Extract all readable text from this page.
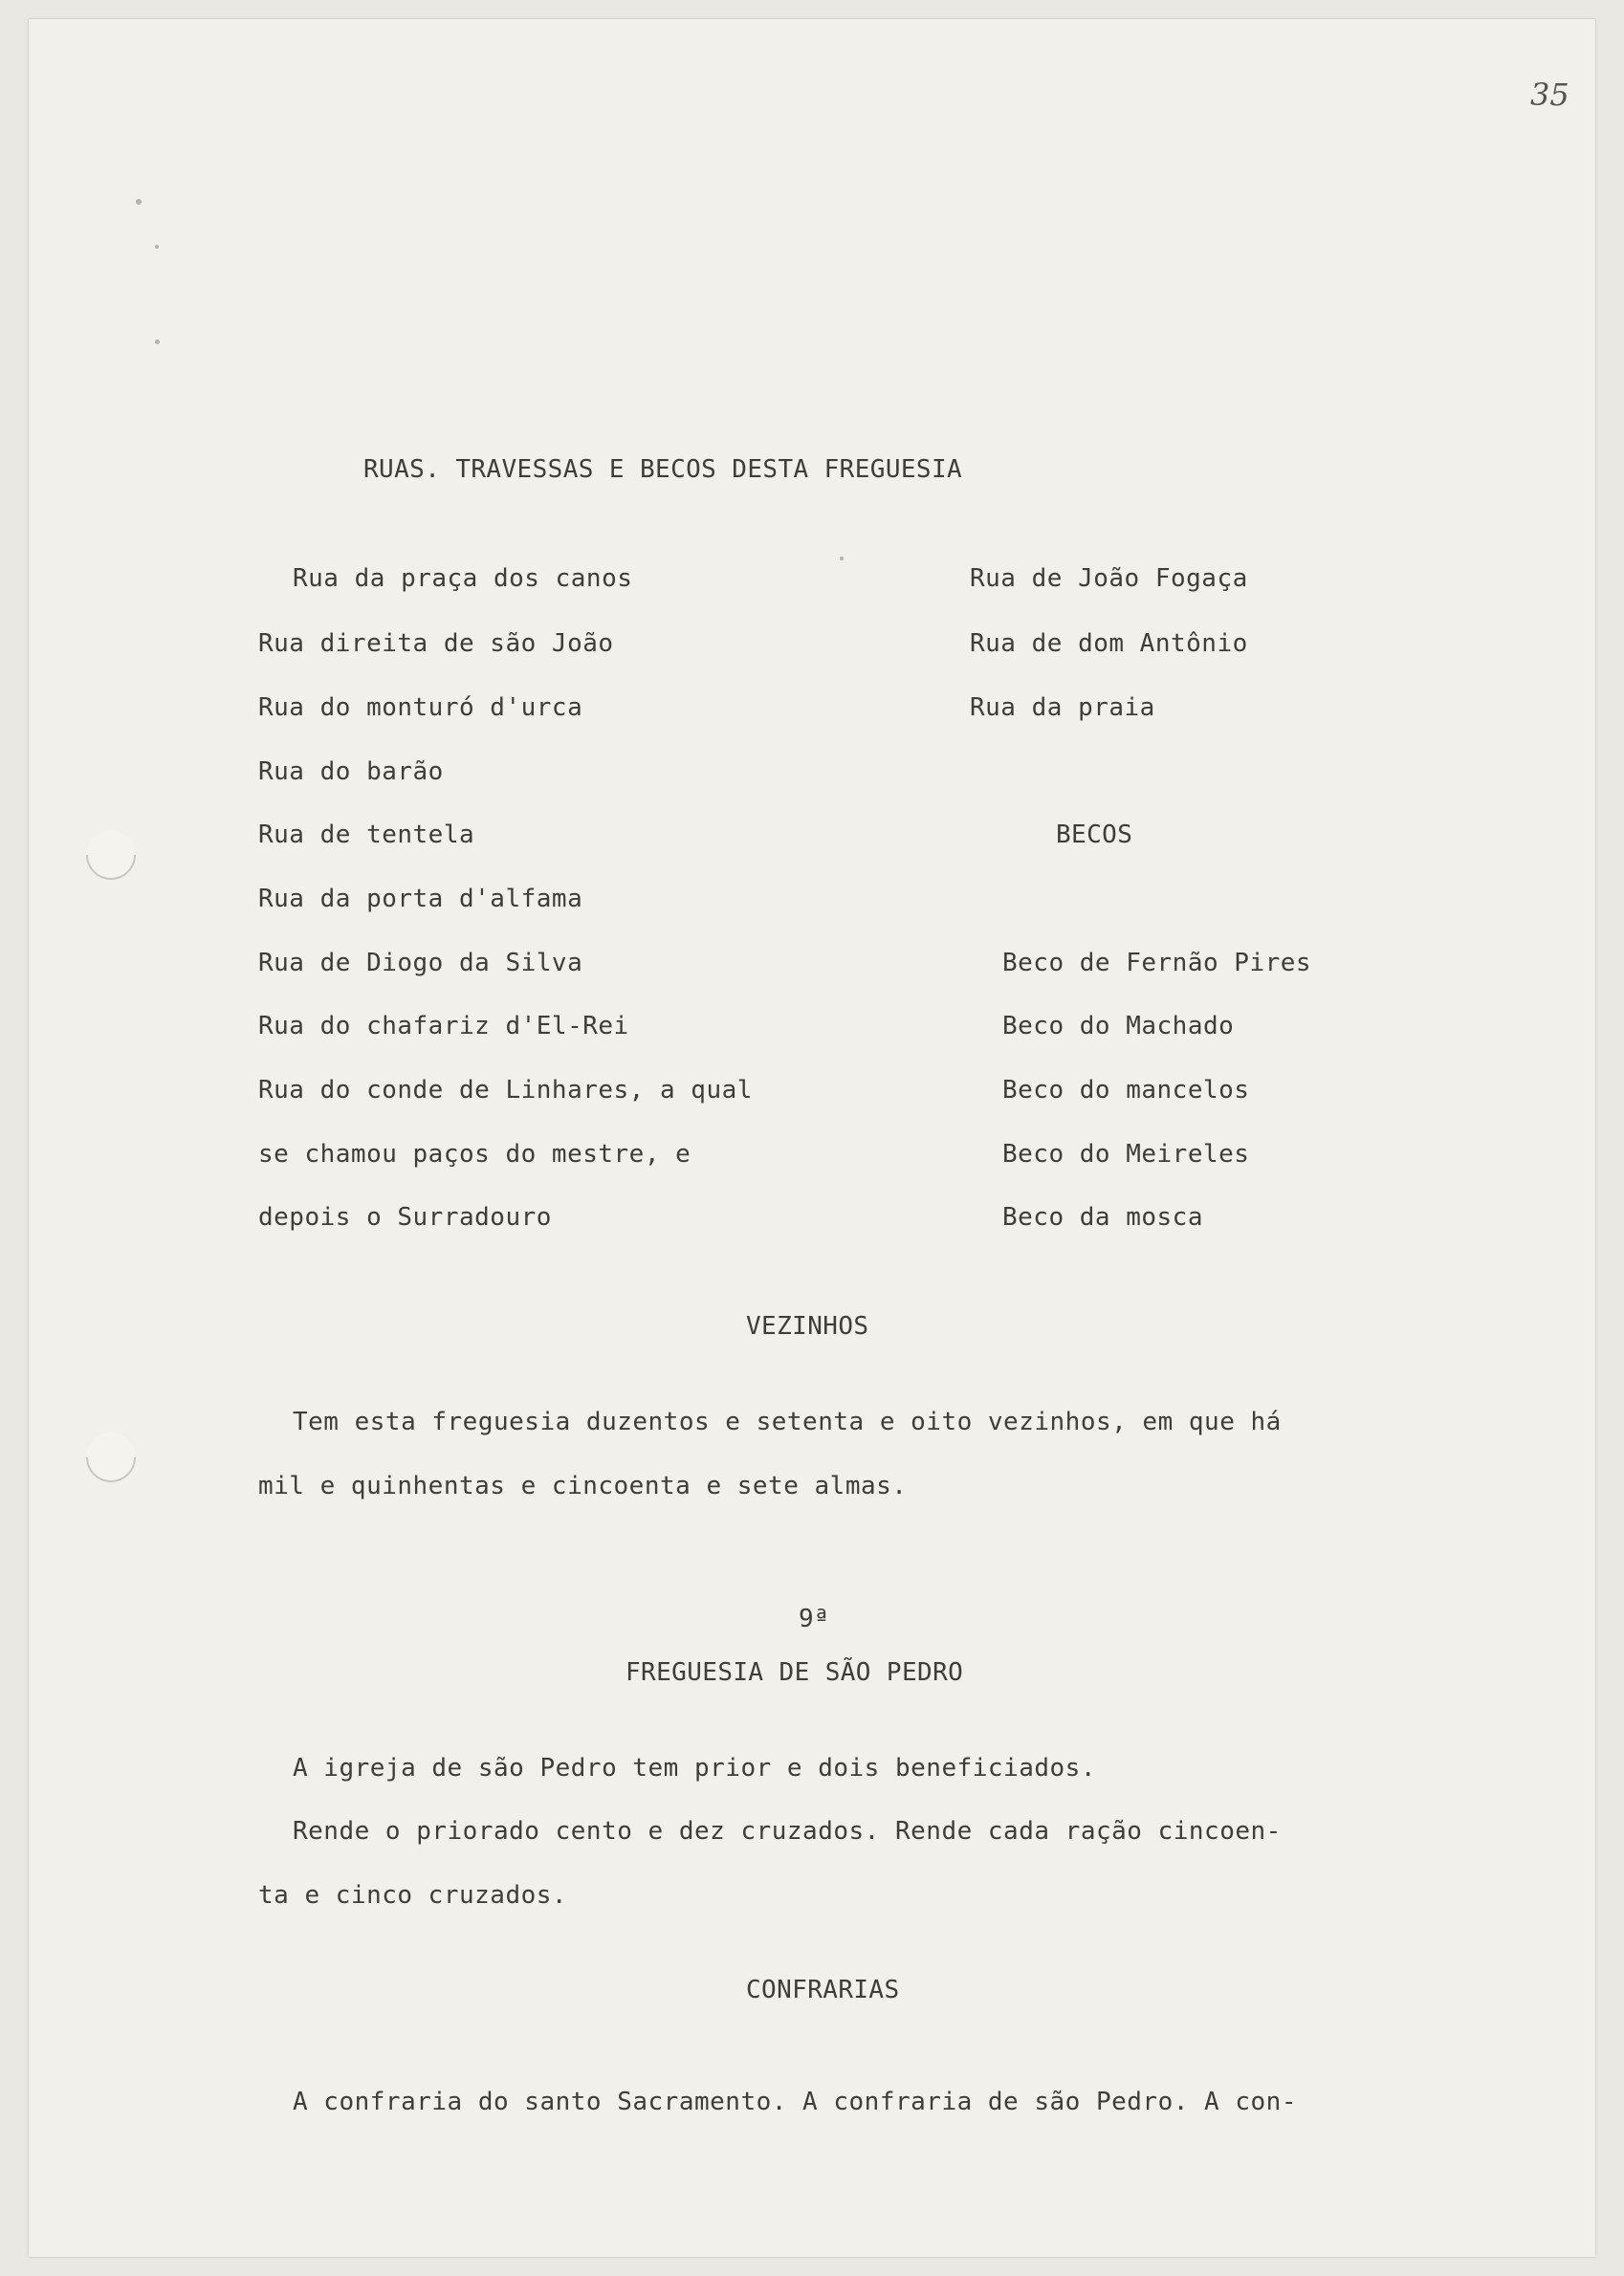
35
RUAS. TRAVESSAS E BECOS DESTA FREGUESIA
Rua da praça dos canos
Rua direita de são João
Rua do monturó d'urca
Rua do barão
Rua de tentela
Rua da porta d'alfama
Rua de Diogo da Silva
Rua do chafariz d'El-Rei
Rua do conde de Linhares, a qual
se chamou paços do mestre, e
depois o Surradouro
Rua de João Fogaça
Rua de dom Antônio
Rua da praia
BECOS
Beco de Fernão Pires
Beco do Machado
Beco do mancelos
Beco do Meireles
Beco da mosca
VEZINHOS
Tem esta freguesia duzentos e setenta e oito vezinhos, em que há
mil e quinhentas e cincoenta e sete almas.
9ª
FREGUESIA DE SÃO PEDRO
A igreja de são Pedro tem prior e dois beneficiados.
Rende o priorado cento e dez cruzados. Rende cada ração cincoen-
ta e cinco cruzados.
CONFRARIAS
A confraria do santo Sacramento. A confraria de são Pedro. A con-
